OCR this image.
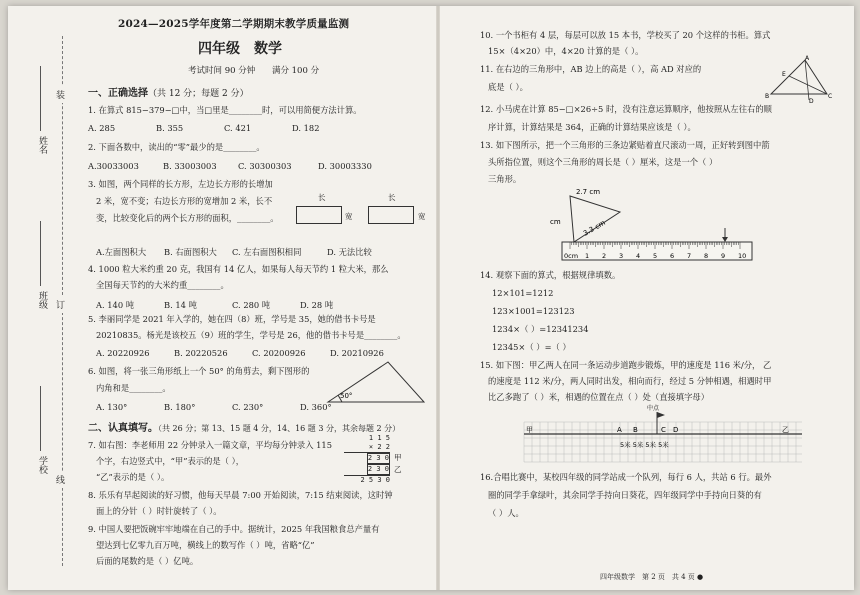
装
订
线
姓名
班级
学校
2024—2025学年度第二学期期末教学质量监测
四年级 数学
考试时间 90 分钟 满分 100 分
一、正确选择（共 12 分；每题 2 分）
1. 在算式 815−379−□中，当□里是________时，可以用简便方法计算。
A. 285	B. 355	C. 421	D. 182
2. 下面各数中，读出的“零”最少的是________。
A.30033003	B. 33003003	C. 30300303	D. 30003330
3. 如图，两个同样的长方形，左边长方形的长增加
2 米，宽不变；右边长方形的宽增加 2 米，长不
变，比较变化后的两个长方形的面积，________。
长
宽
长
宽
A.左面图积大 B. 右面图积大 C. 左右面图积相同	D. 无法比较
4. 1000 粒大米约重 20 克，我国有 14 亿人，如果每人每天节约 1 粒大米，那么
全国每天节约的大米约重________。
A. 140 吨	B. 14 吨	C. 280 吨	D. 28 吨
5. 李丽同学是 2021 年入学的，她在四（8）班，学号是 35，她的借书卡号是
20210835。杨光是该校五（9）班的学生，学号是 26，他的借书卡号是________。
A. 20220926	B. 20220526	C. 20200926	D. 20210926
6. 如图，将一张三角形纸上一个 50° 的角剪去，剩下图形的
内角和是________。
50°
A. 130°	B. 180°	C. 230°	D. 360°
二、认真填写。（共 26 分；第 13、15 题 4 分，14、16 题 3 分，其余每题 2 分）
7. 如右图：李老师用 22 分钟录入一篇文章，平均每分钟录入 115
个字，右边竖式中，“甲”表示的是（ ），
“乙”表示的是（ ）。
1 1 5
× 2 2
2 3 0 2 3 0
2 5 3 0
甲
乙
8. 乐乐有早起阅读的好习惯，他每天早晨 7:00 开始阅读，7:15 结束阅读，这时钟
面上的分针（ ）时针旋转了（ ）。
9. 中国人要把饭碗牢牢地端在自己的手中。据统计，2025 年我国粮食总产量有
望达到七亿零九百万吨，横线上的数写作（ ）吨，省略“亿”
后面的尾数约是（ ）亿吨。
10. 一个书柜有 4 层，每层可以放 15 本书，学校买了 20 个这样的书柜。算式
15×（4×20）中，4×20 计算的是（ ）。
11. 在右边的三角形中，AB 边上的高是（ ），高 AD 对应的
底是（ ）。
A
B	C
D
E
12. 小马虎在计算 85−□×26÷5 时，没有注意运算顺序，他按照从左往右的顺
序计算，计算结果是 364，正确的计算结果应该是（ ）。
13. 如下图所示，把一个三角形的三条边紧贴着直尺滚动一周，正好转到图中箭
头所指位置，则这个三角形的周长是（ ）厘米，这是一个（ ）
三角形。
2.7 cm
3.3 cm
cm
0cm 1 2 3 4 5 6 7 8 9 10
14. 观察下面的算式，根据规律填数。
12×101=1212
123×1001=123123
1234×（ ）=12341234
12345×（ ）=（ ）
15. 如下图：甲乙两人在同一条运动步道跑步锻炼，甲的速度是 116 米/分， 乙
的速度是 112 米/分，两人同时出发，相向而行，经过 5 分钟相遇，相遇时甲
比乙多跑了（ ）米，相遇的位置在点（ ）处（直接填字母）
甲	乙
中点
A B	C D
5米 5米 5米 5米
16.合唱比赛中，某校四年级的同学站成一个队列，每行 6 人，共站 6 行。最外
圈的同学手拿绿叶，其余同学手持向日葵花，四年级同学中手持向日葵的有
（ ）人。
四年级数学　第 2 页　共 4 页 ●
